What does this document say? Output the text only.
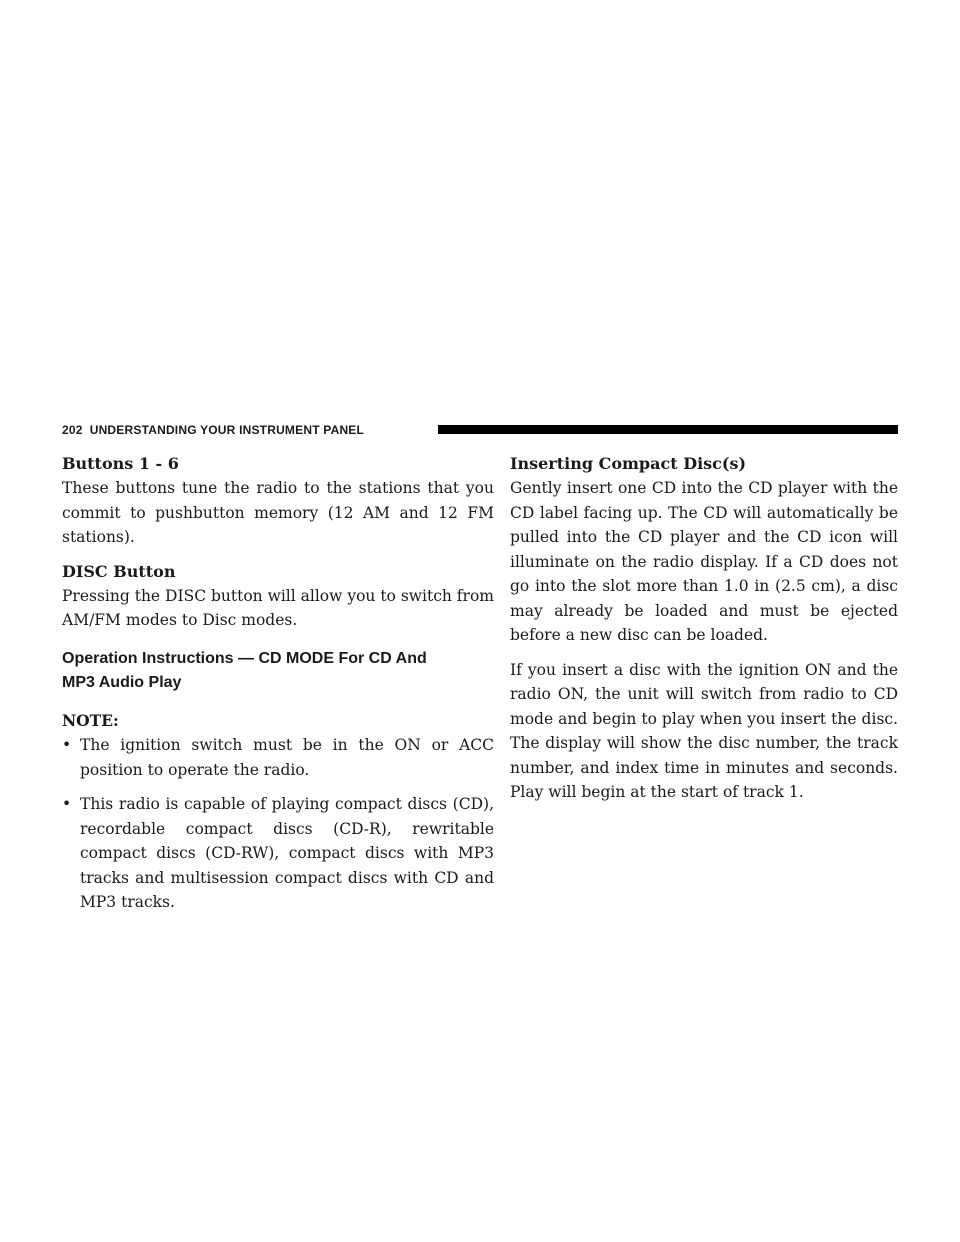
202 UNDERSTANDING YOUR INSTRUMENT PANEL
Buttons 1 - 6

These buttons tune the radio to the stations that you commit to pushbutton memory (12 AM and 12 FM stations).

DISC Button

Pressing the DISC button will allow you to switch from AM/FM modes to Disc modes.

Operation Instructions — CD MODE For CD And
MP3 Audio Play

NOTE:

• The ignition switch must be in the ON or ACC position to operate the radio.
• This radio is capable of playing compact discs (CD), recordable compact discs (CD-R), rewritable compact discs (CD-RW), compact discs with MP3 tracks and multisession compact discs with CD and MP3 tracks.
Inserting Compact Disc(s)

Gently insert one CD into the CD player with the CD label facing up. The CD will automatically be pulled into the CD player and the CD icon will illuminate on the radio display. If a CD does not go into the slot more than 1.0 in (2.5 cm), a disc may already be loaded and must be ejected before a new disc can be loaded.

If you insert a disc with the ignition ON and the radio ON, the unit will switch from radio to CD mode and begin to play when you insert the disc. The display will show the disc number, the track number, and index time in minutes and seconds. Play will begin at the start of track 1.
